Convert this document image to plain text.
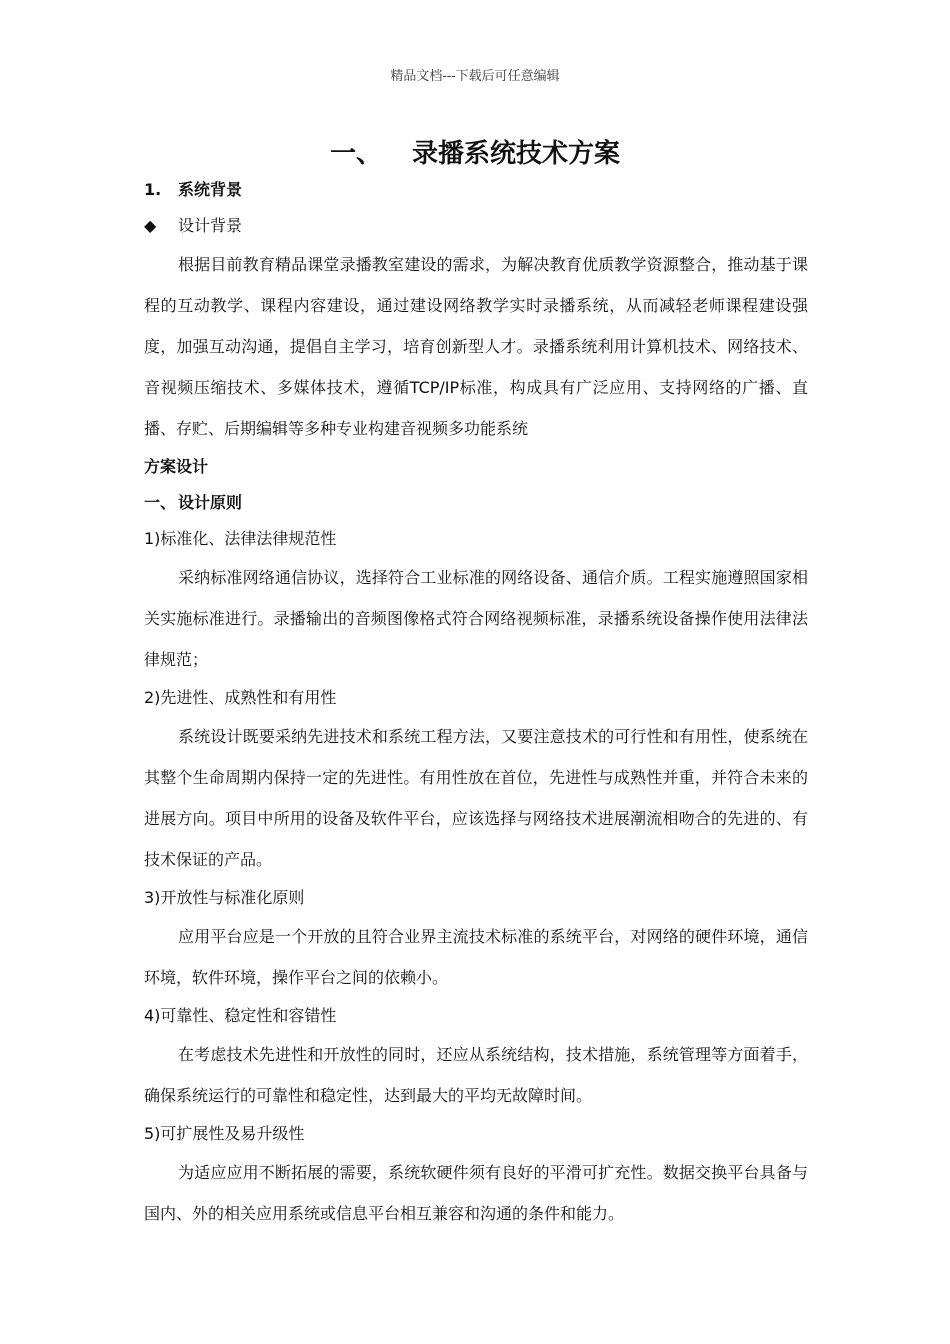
精品文档---下载后可任意编辑
一、 录播系统技术方案
1. 系统背景
◆ 设计背景

根据目前教育精品课堂录播教室建设的需求，为解决教育优质教学资源整合，推动基于课程的互动教学、课程内容建设，通过建设网络教学实时录播系统，从而减轻老师课程建设强度，加强互动沟通，提倡自主学习，培育创新型人才。录播系统利用计算机技术、网络技术、音视频压缩技术、多媒体技术，遵循TCP/IP标准，构成具有广泛应用、支持网络的广播、直播、存贮、后期编辑等多种专业构建音视频多功能系统

方案设计
一、 设计原则
1)标准化、法律法律规范性

采纳标准网络通信协议，选择符合工业标准的网络设备、通信介质。工程实施遵照国家相关实施标准进行。录播输出的音频图像格式符合网络视频标准，录播系统设备操作使用法律法律规范；

2)先进性、成熟性和有用性

系统设计既要采纳先进技术和系统工程方法，又要注意技术的可行性和有用性，使系统在其整个生命周期内保持一定的先进性。有用性放在首位，先进性与成熟性并重，并符合未来的进展方向。项目中所用的设备及软件平台，应该选择与网络技术进展潮流相吻合的先进的、有技术保证的产品。

3)开放性与标准化原则

应用平台应是一个开放的且符合业界主流技术标准的系统平台，对网络的硬件环境，通信环境，软件环境，操作平台之间的依赖小。

4)可靠性、稳定性和容错性

在考虑技术先进性和开放性的同时，还应从系统结构，技术措施，系统管理等方面着手，确保系统运行的可靠性和稳定性，达到最大的平均无故障时间。

5)可扩展性及易升级性

为适应应用不断拓展的需要，系统软硬件须有良好的平滑可扩充性。数据交换平台具备与国内、外的相关应用系统或信息平台相互兼容和沟通的条件和能力。
